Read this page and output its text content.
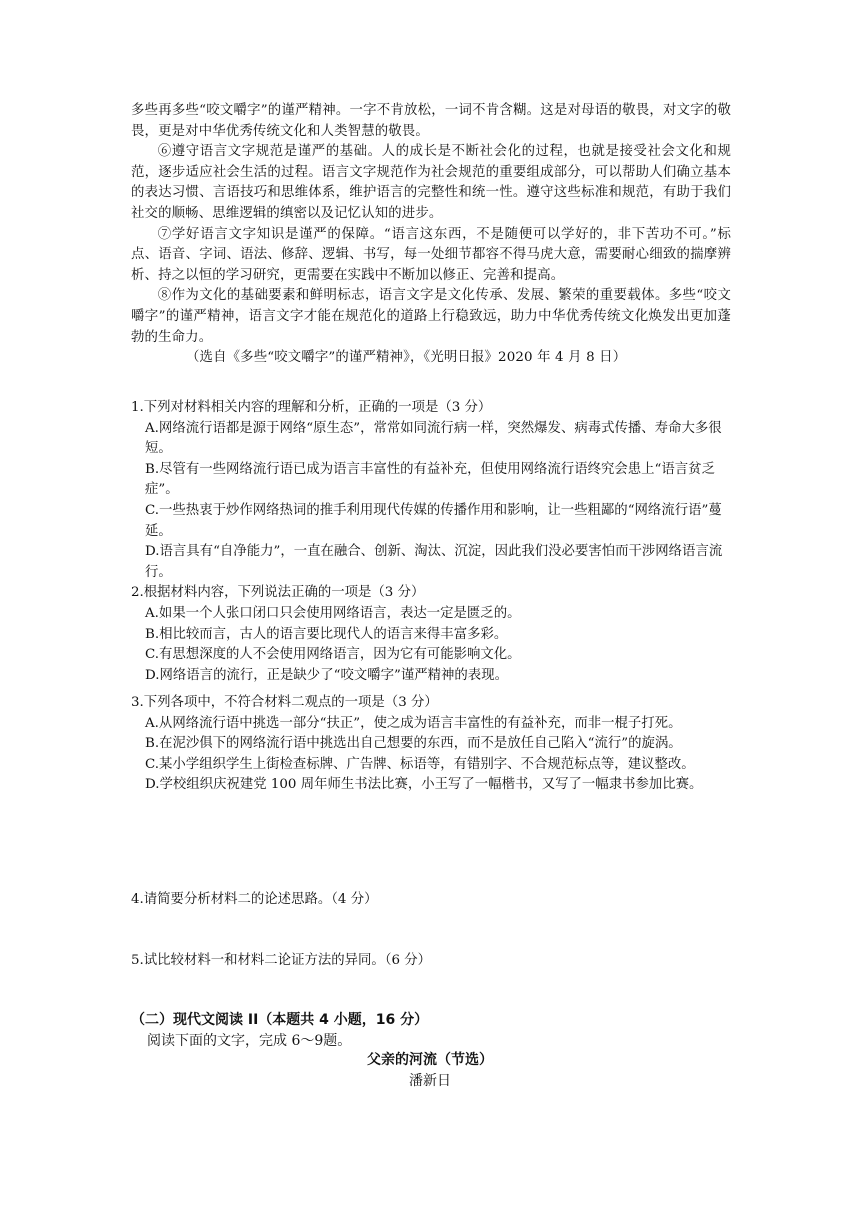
多些再多些“咬文嚼字”的谨严精神。一字不肯放松，一词不肯含糊。这是对母语的敬畏，对文字的敬畏，更是对中华优秀传统文化和人类智慧的敬畏。

⑥遵守语言文字规范是谨严的基础。人的成长是不断社会化的过程，也就是接受社会文化和规范，逐步适应社会生活的过程。语言文字规范作为社会规范的重要组成部分，可以帮助人们确立基本的表达习惯、言语技巧和思维体系，维护语言的完整性和统一性。遵守这些标准和规范，有助于我们社交的顺畅、思维逻辑的缜密以及记忆认知的进步。

⑦学好语言文字知识是谨严的保障。“语言这东西，不是随便可以学好的，非下苦功不可。”标点、语音、字词、语法、修辞、逻辑、书写，每一处细节都容不得马虎大意，需要耐心细致的揣摩辨析、持之以恒的学习研究，更需要在实践中不断加以修正、完善和提高。

⑧作为文化的基础要素和鲜明标志，语言文字是文化传承、发展、繁荣的重要载体。多些“咬文嚼字”的谨严精神，语言文字才能在规范化的道路上行稳致远，助力中华优秀传统文化焕发出更加蓬勃的生命力。

（选自《多些“咬文嚼字”的谨严精神》，《光明日报》2020 年 4 月 8 日）

1.下列对材料相关内容的理解和分析，正确的一项是（3 分）

A.网络流行语都是源于网络“原生态”，常常如同流行病一样，突然爆发、病毒式传播、寿命大多很短。

B.尽管有一些网络流行语已成为语言丰富性的有益补充，但使用网络流行语终究会患上“语言贫乏症”。

C.一些热衷于炒作网络热词的推手利用现代传媒的传播作用和影响，让一些粗鄙的“网络流行语”蔓延。

D.语言具有“自净能力”，一直在融合、创新、淘汰、沉淀，因此我们没必要害怕而干涉网络语言流行。

2.根据材料内容，下列说法正确的一项是（3 分）

A.如果一个人张口闭口只会使用网络语言，表达一定是匮乏的。

B.相比较而言，古人的语言要比现代人的语言来得丰富多彩。

C.有思想深度的人不会使用网络语言，因为它有可能影响文化。

D.网络语言的流行，正是缺少了“咬文嚼字”谨严精神的表现。

3.下列各项中，不符合材料二观点的一项是（3 分）

A.从网络流行语中挑选一部分“扶正”，使之成为语言丰富性的有益补充，而非一棍子打死。

B.在泥沙俱下的网络流行语中挑选出自己想要的东西，而不是放任自己陷入“流行”的旋涡。

C.某小学组织学生上街检查标牌、广告牌、标语等，有错别字、不合规范标点等，建议整改。

D.学校组织庆祝建党 100 周年师生书法比赛，小王写了一幅楷书，又写了一幅隶书参加比赛。

4.请简要分析材料二的论述思路。（4 分）

5.试比较材料一和材料二论证方法的异同。（6 分）

（二）现代文阅读 II（本题共 4 小题，16 分）

阅读下面的文字，完成 6～9题。

父亲的河流（节选）

潘新日
